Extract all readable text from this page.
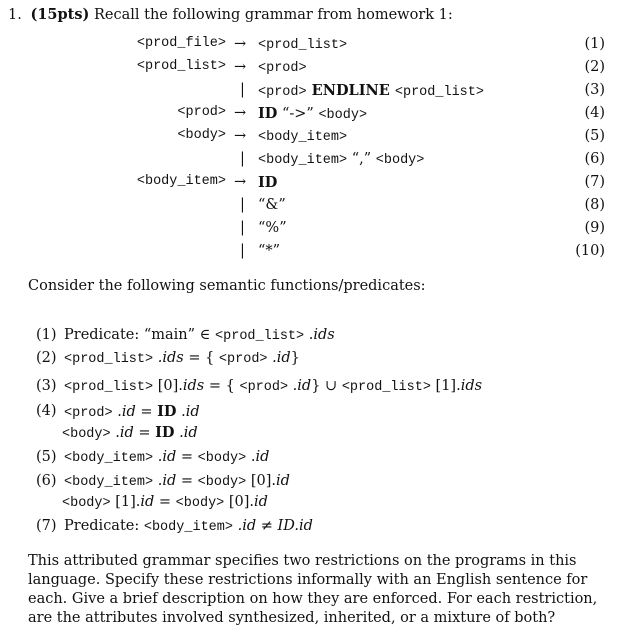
1. (15pts) Recall the following grammar from homework 1:
<prod_file> → <prod_list>	(1)
<prod_list> → <prod>	(2)
| <prod> ENDLINE <prod_list>	(3)
<prod> → ID “->” <body>	(4)
<body> → <body_item>	(5)
| <body_item> “,” <body>	(6)
<body_item> → ID	(7)
| “&”	(8)
| “%”	(9)
| “*”	(10)
Consider the following semantic functions/predicates:
(1) Predicate: “main” ∈ <prod_list> .ids
(2) <prod_list> .ids = { <prod> .id}
(3) <prod_list> [0].ids = { <prod> .id} ∪ <prod_list> [1].ids
(4) <prod> .id = ID .id
<body> .id = ID .id
(5) <body_item> .id = <body> .id
(6) <body_item> .id = <body> [0].id
<body> [1].id = <body> [0].id
(7) Predicate: <body_item> .id ≠ ID.id
This attributed grammar specifies two restrictions on the programs in this language. Specify these restrictions informally with an English sentence for each. Give a brief description on how they are enforced. For each restriction, are the attributes involved synthesized, inherited, or a mixture of both?
